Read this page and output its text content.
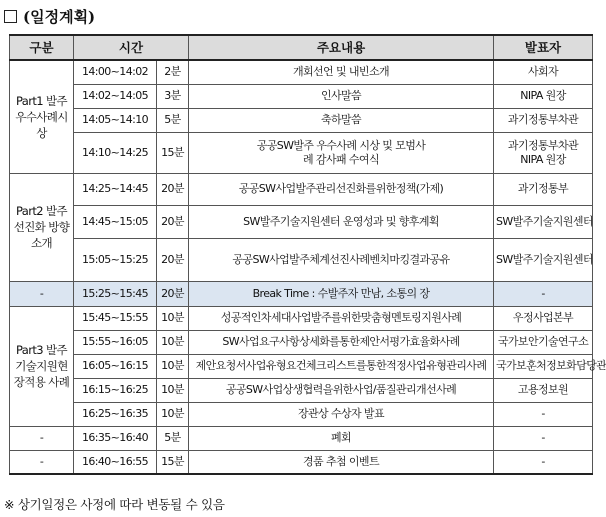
(일정계획)
구분	시간		주요내용	발표자
Part1 발주우수사례시상	14:00~14:02	2분	개회선언 및 내빈소개	사회자
	14:02~14:05	3분	인사말씀	NIPA 원장
	14:05~14:10	5분	축하말씀	과기정통부차관
	14:10~14:25	15분	공공SW발주 우수사례 시상 및 모범사례 감사패 수여식	과기정통부차관 NIPA 원장
Part2 발주 선진화 방향소개	14:25~14:45	20분	공공SW사업발주관리선진화를위한정책(가제)	과기정통부
	14:45~15:05	20분	SW발주기술지원센터 운영성과 및 향후계획	SW발주기술지원센터
	15:05~15:25	20분	공공SW사업발주체계선진사례벤치마킹결과공유	SW발주기술지원센터
-	15:25~15:45	20분	Break Time : 수발주자 만남, 소통의 장	-
Part3 발주 기술지원현장적용 사례	15:45~15:55	10분	성공적인차세대사업발주를위한맞춤형멘토링지원사례	우정사업본부
	15:55~16:05	10분	SW사업요구사항상세화를통한제안서평가효율화사례	국가보안기술연구소
	16:05~16:15	10분	제안요청서사업유형요건체크리스트를통한적정사업유형관리사례	국가보훈처정보화담당관
	16:15~16:25	10분	공공SW사업상생협력을위한사업/품질관리개선사례	고용정보원
	16:25~16:35	10분	장관상 수상자 발표	-
-	16:35~16:40	5분	폐회	-
-	16:40~16:55	15분	경품 추첨 이벤트	-
※ 상기일정은 사정에 따라 변동될 수 있음
